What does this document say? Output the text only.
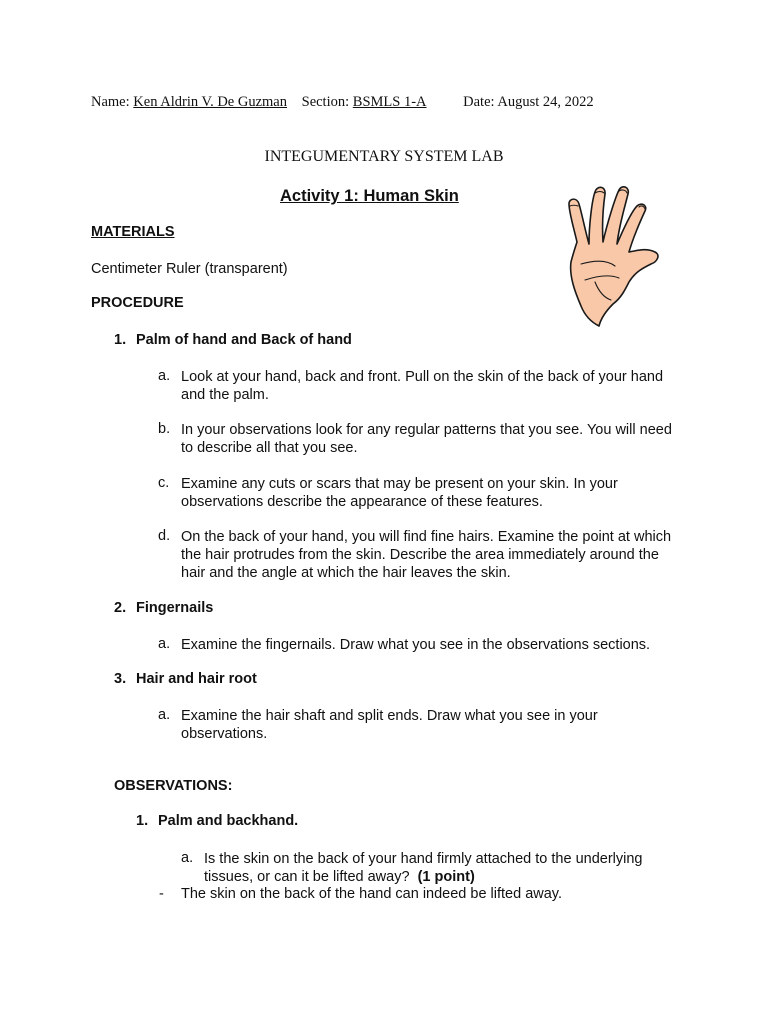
Name: Ken Aldrin V. De Guzman Section: BSMLS 1-A	Date: August 24, 2022
INTEGUMENTARY SYSTEM LAB
Activity 1: Human Skin
MATERIALS
Centimeter Ruler (transparent)
PROCEDURE
1. Palm of hand and Back of hand
a. Look at your hand, back and front. Pull on the skin of the back of your hand and the palm.
b. In your observations look for any regular patterns that you see. You will need to describe all that you see.
c. Examine any cuts or scars that may be present on your skin. In your observations describe the appearance of these features.
d. On the back of your hand, you will find fine hairs. Examine the point at which the hair protrudes from the skin. Describe the area immediately around the hair and the angle at which the hair leaves the skin.
2. Fingernails
a. Examine the fingernails. Draw what you see in the observations sections.
3. Hair and hair root
a. Examine the hair shaft and split ends. Draw what you see in your observations.
OBSERVATIONS:
1. Palm and backhand.
a. Is the skin on the back of your hand firmly attached to the underlying tissues, or can it be lifted away? (1 point)
- The skin on the back of the hand can indeed be lifted away.
